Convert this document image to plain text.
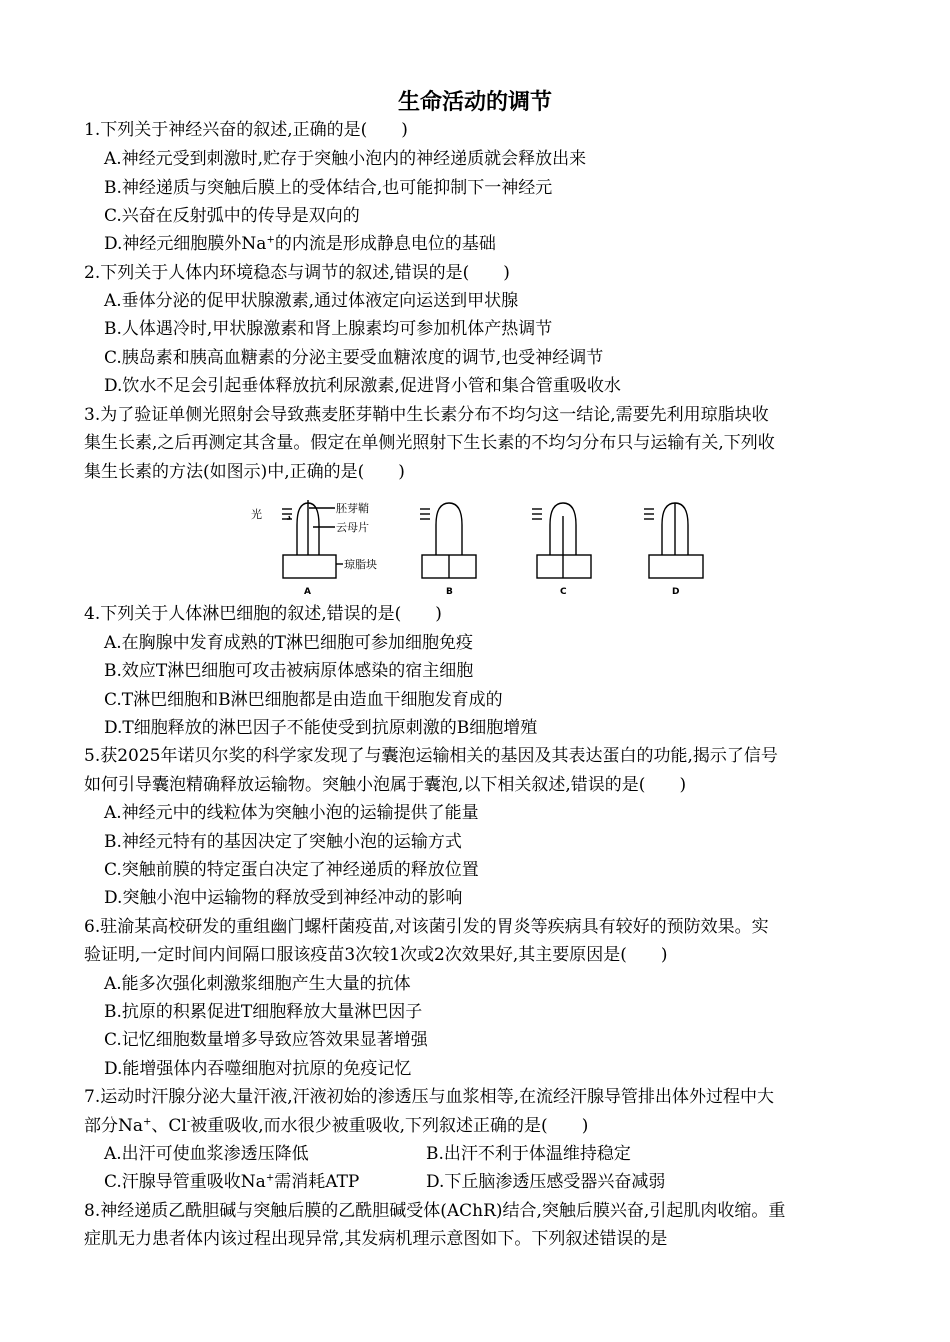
生命活动的调节
1.下列关于神经兴奋的叙述,正确的是(　　)
A.神经元受到刺激时,贮存于突触小泡内的神经递质就会释放出来
B.神经递质与突触后膜上的受体结合,也可能抑制下一神经元
C.兴奋在反射弧中的传导是双向的
D.神经元细胞膜外Na+的内流是形成静息电位的基础
2.下列关于人体内环境稳态与调节的叙述,错误的是(　　)
A.垂体分泌的促甲状腺激素,通过体液定向运送到甲状腺
B.人体遇冷时,甲状腺激素和肾上腺素均可参加机体产热调节
C.胰岛素和胰高血糖素的分泌主要受血糖浓度的调节,也受神经调节
D.饮水不足会引起垂体释放抗利尿激素,促进肾小管和集合管重吸收水
3.为了验证单侧光照射会导致燕麦胚芽鞘中生长素分布不均匀这一结论,需要先利用琼脂块收
集生长素,之后再测定其含量。假定在单侧光照射下生长素的不均匀分布只与运输有关,下列收
集生长素的方法(如图示)中,正确的是(　　)
光	胚芽鞘
云母片
琼脂块
A	B	C	D
4.下列关于人体淋巴细胞的叙述,错误的是(　　)
A.在胸腺中发育成熟的T淋巴细胞可参加细胞免疫
B.效应T淋巴细胞可攻击被病原体感染的宿主细胞
C.T淋巴细胞和B淋巴细胞都是由造血干细胞发育成的
D.T细胞释放的淋巴因子不能使受到抗原刺激的B细胞增殖
5.获2025年诺贝尔奖的科学家发现了与囊泡运输相关的基因及其表达蛋白的功能,揭示了信号
如何引导囊泡精确释放运输物。突触小泡属于囊泡,以下相关叙述,错误的是(　　)
A.神经元中的线粒体为突触小泡的运输提供了能量
B.神经元特有的基因决定了突触小泡的运输方式
C.突触前膜的特定蛋白决定了神经递质的释放位置
D.突触小泡中运输物的释放受到神经冲动的影响
6.驻渝某高校研发的重组幽门螺杆菌疫苗,对该菌引发的胃炎等疾病具有较好的预防效果。实
验证明,一定时间内间隔口服该疫苗3次较1次或2次效果好,其主要原因是(　　)
A.能多次强化刺激浆细胞产生大量的抗体
B.抗原的积累促进T细胞释放大量淋巴因子
C.记忆细胞数量增多导致应答效果显著增强
D.能增强体内吞噬细胞对抗原的免疫记忆
7.运动时汗腺分泌大量汗液,汗液初始的渗透压与血浆相等,在流经汗腺导管排出体外过程中大
部分Na+、Cl-被重吸收,而水很少被重吸收,下列叙述正确的是(　　)
A.出汗可使血浆渗透压降低	B.出汗不利于体温维持稳定
C.汗腺导管重吸收Na+需消耗ATP	D.下丘脑渗透压感受器兴奋减弱
8.神经递质乙酰胆碱与突触后膜的乙酰胆碱受体(AChR)结合,突触后膜兴奋,引起肌肉收缩。重
症肌无力患者体内该过程出现异常,其发病机理示意图如下。下列叙述错误的是
